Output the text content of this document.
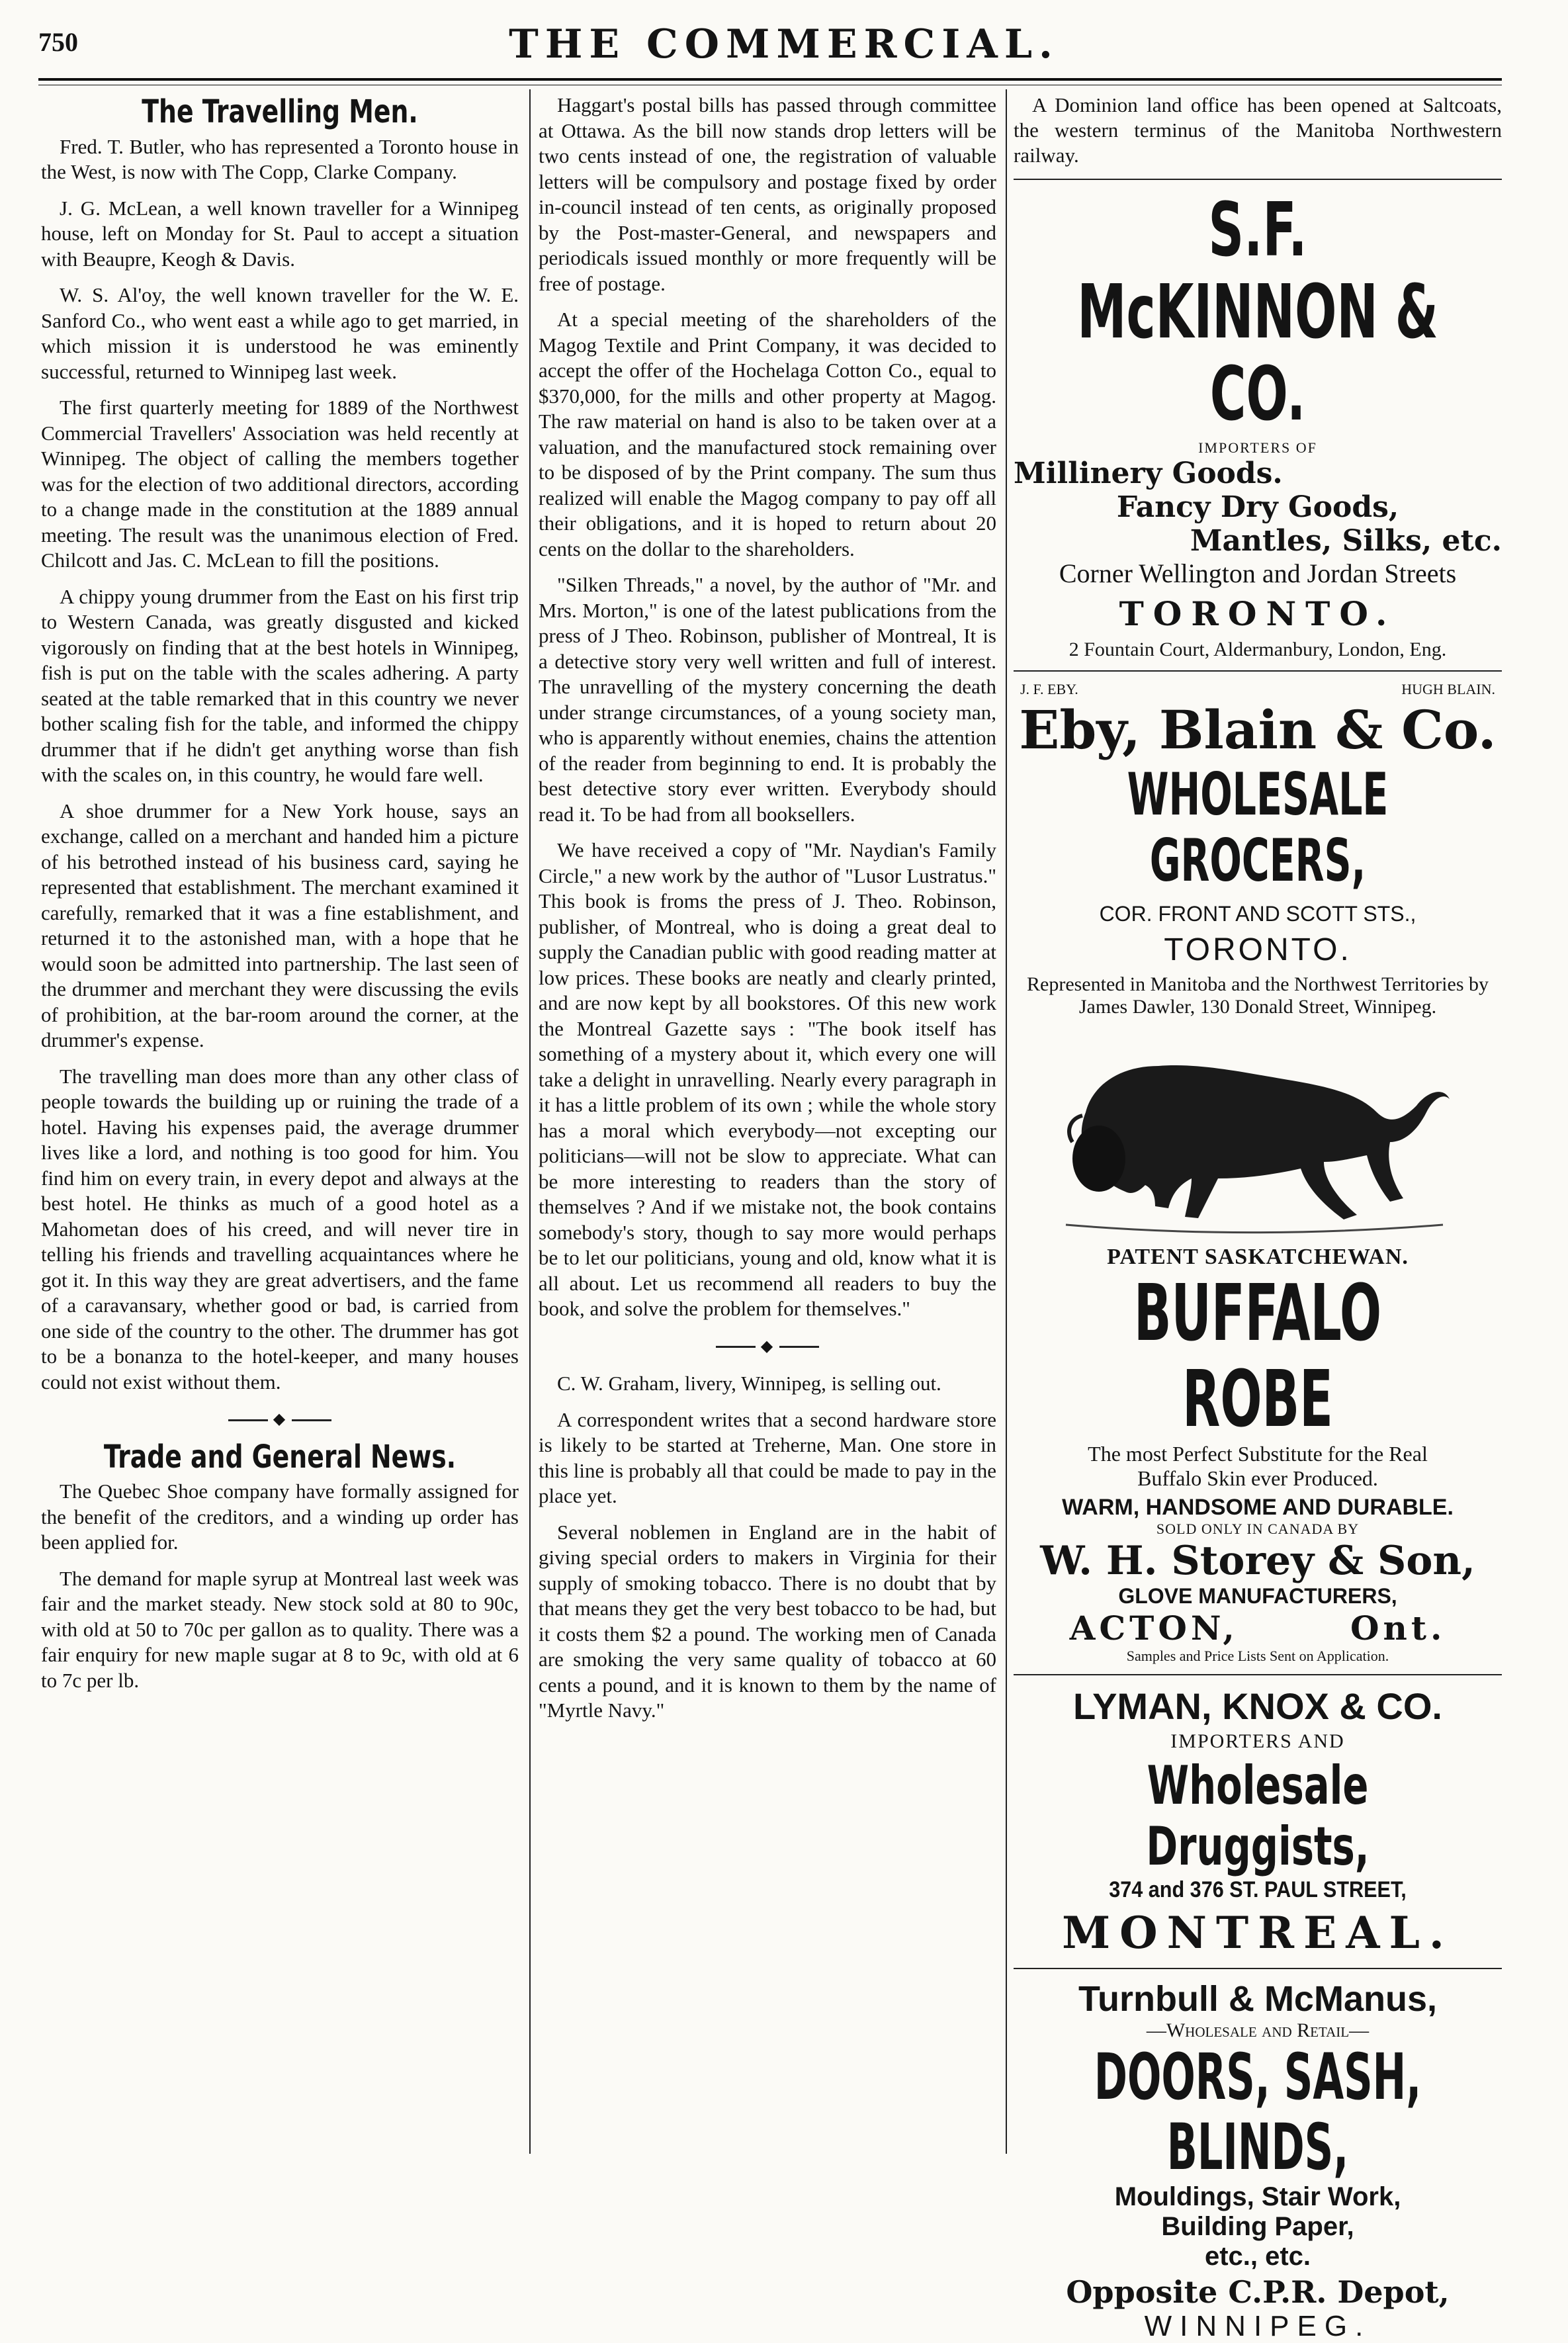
750	THE COMMERCIAL.
The Travelling Men.

Fred. T. Butler, who has represented a Toronto house in the West, is now with The Copp, Clarke Company.

J. G. McLean, a well known traveller for a Winnipeg house, left on Monday for St. Paul to accept a situation with Beaupre, Keogh & Davis.

W. S. Al'oy, the well known traveller for the W. E. Sanford Co., who went east a while ago to get married, in which mission it is understood he was eminently successful, returned to Winnipeg last week.

The first quarterly meeting for 1889 of the Northwest Commercial Travellers' Association was held recently at Winnipeg. The object of calling the members together was for the election of two additional directors, according to a change made in the constitution at the 1889 annual meeting. The result was the unanimous election of Fred. Chilcott and Jas. C. McLean to fill the positions.

A chippy young drummer from the East on his first trip to Western Canada, was greatly disgusted and kicked vigorously on finding that at the best hotels in Winnipeg, fish is put on the table with the scales adhering. A party seated at the table remarked that in this country we never bother scaling fish for the table, and informed the chippy drummer that if he didn't get anything worse than fish with the scales on, in this country, he would fare well.

A shoe drummer for a New York house, says an exchange, called on a merchant and handed him a picture of his betrothed instead of his business card, saying he represented that establishment. The merchant examined it carefully, remarked that it was a fine establishment, and returned it to the astonished man, with a hope that he would soon be admitted into partnership. The last seen of the drummer and merchant they were discussing the evils of prohibition, at the bar-room around the corner, at the drummer's expense.

The travelling man does more than any other class of people towards the building up or ruining the trade of a hotel. Having his expenses paid, the average drummer lives like a lord, and nothing is too good for him. You find him on every train, in every depot and always at the best hotel. He thinks as much of a good hotel as a Mahometan does of his creed, and will never tire in telling his friends and travelling acquaintances where he got it. In this way they are great advertisers, and the fame of a caravansary, whether good or bad, is carried from one side of the country to the other. The drummer has got to be a bonanza to the hotel-keeper, and many houses could not exist without them.

◆
Trade and General News.

The Quebec Shoe company have formally assigned for the benefit of the creditors, and a winding up order has been applied for.

The demand for maple syrup at Montreal last week was fair and the market steady. New stock sold at 80 to 90c, with old at 50 to 70c per gallon as to quality. There was a fair enquiry for new maple sugar at 8 to 9c, with old at 6 to 7c per lb.

Haggart's postal bills has passed through committee at Ottawa. As the bill now stands drop letters will be two cents instead of one, the registration of valuable letters will be compulsory and postage fixed by order in-council instead of ten cents, as originally proposed by the Post-master-General, and newspapers and periodicals issued monthly or more frequently will be free of postage.

At a special meeting of the shareholders of the Magog Textile and Print Company, it was decided to accept the offer of the Hochelaga Cotton Co., equal to $370,000, for the mills and other property at Magog. The raw material on hand is also to be taken over at a valuation, and the manufactured stock remaining over to be disposed of by the Print company. The sum thus realized will enable the Magog company to pay off all their obligations, and it is hoped to return about 20 cents on the dollar to the shareholders.

"Silken Threads," a novel, by the author of "Mr. and Mrs. Morton," is one of the latest publications from the press of J Theo. Robinson, publisher of Montreal, It is a detective story very well written and full of interest. The unravelling of the mystery concerning the death under strange circumstances, of a young society man, who is apparently without enemies, chains the attention of the reader from beginning to end. It is probably the best detective story ever written. Everybody should read it. To be had from all booksellers.

We have received a copy of "Mr. Naydian's Family Circle," a new work by the author of "Lusor Lustratus." This book is froms the press of J. Theo. Robinson, publisher, of Montreal, who is doing a great deal to supply the Canadian public with good reading matter at low prices. These books are neatly and clearly printed, and are now kept by all bookstores. Of this new work the Montreal Gazette says : "The book itself has something of a mystery about it, which every one will take a delight in unravelling. Nearly every paragraph in it has a little problem of its own ; while the whole story has a moral which everybody—not excepting our politicians—will not be slow to appreciate. What can be more interesting to readers than the story of themselves ? And if we mistake not, the book contains somebody's story, though to say more would perhaps be to let our politicians, young and old, know what it is all about. Let us recommend all readers to buy the book, and solve the problem for themselves."

◆

C. W. Graham, livery, Winnipeg, is selling out.

A correspondent writes that a second hardware store is likely to be started at Treherne, Man. One store in this line is probably all that could be made to pay in the place yet.

Several noblemen in England are in the habit of giving special orders to makers in Virginia for their supply of smoking tobacco. There is no doubt that by that means they get the very best tobacco to be had, but it costs them $2 a pound. The working men of Canada are smoking the very same quality of tobacco at 60 cents a pound, and it is known to them by the name of "Myrtle Navy."

A Dominion land office has been opened at Saltcoats, the western terminus of the Manitoba Northwestern railway.

S.F. McKINNON & CO.
IMPORTERS OF
Millinery Goods.
Fancy Dry Goods,
Mantles, Silks, etc.
Corner Wellington and Jordan Streets
TORONTO.
2 Fountain Court, Aldermanbury, London, Eng.
J. F. EBY.	HUGH BLAIN.
Eby, Blain & Co.
WHOLESALE GROCERS,
COR. FRONT AND SCOTT STS.,
TORONTO.
Represented in Manitoba and the Northwest Territories by James Dawler, 130 Donald Street, Winnipeg.
PATENT SASKATCHEWAN.
BUFFALO ROBE
The most Perfect Substitute for the Real
Buffalo Skin ever Produced.
WARM, HANDSOME AND DURABLE.
SOLD ONLY IN CANADA BY
W. H. Storey & Son,
GLOVE MANUFACTURERS,
ACTON,	Ont.
Samples and Price Lists Sent on Application.
LYMAN, KNOX & CO.
IMPORTERS AND
Wholesale Druggists,
374 and 376 ST. PAUL STREET,
MONTREAL.
Turnbull & McManus,
—Wholesale and Retail—
DOORS, SASH, BLINDS,
Mouldings, Stair Work,
Building Paper,
etc., etc.
Opposite C.P.R. Depot,
WINNIPEG.
